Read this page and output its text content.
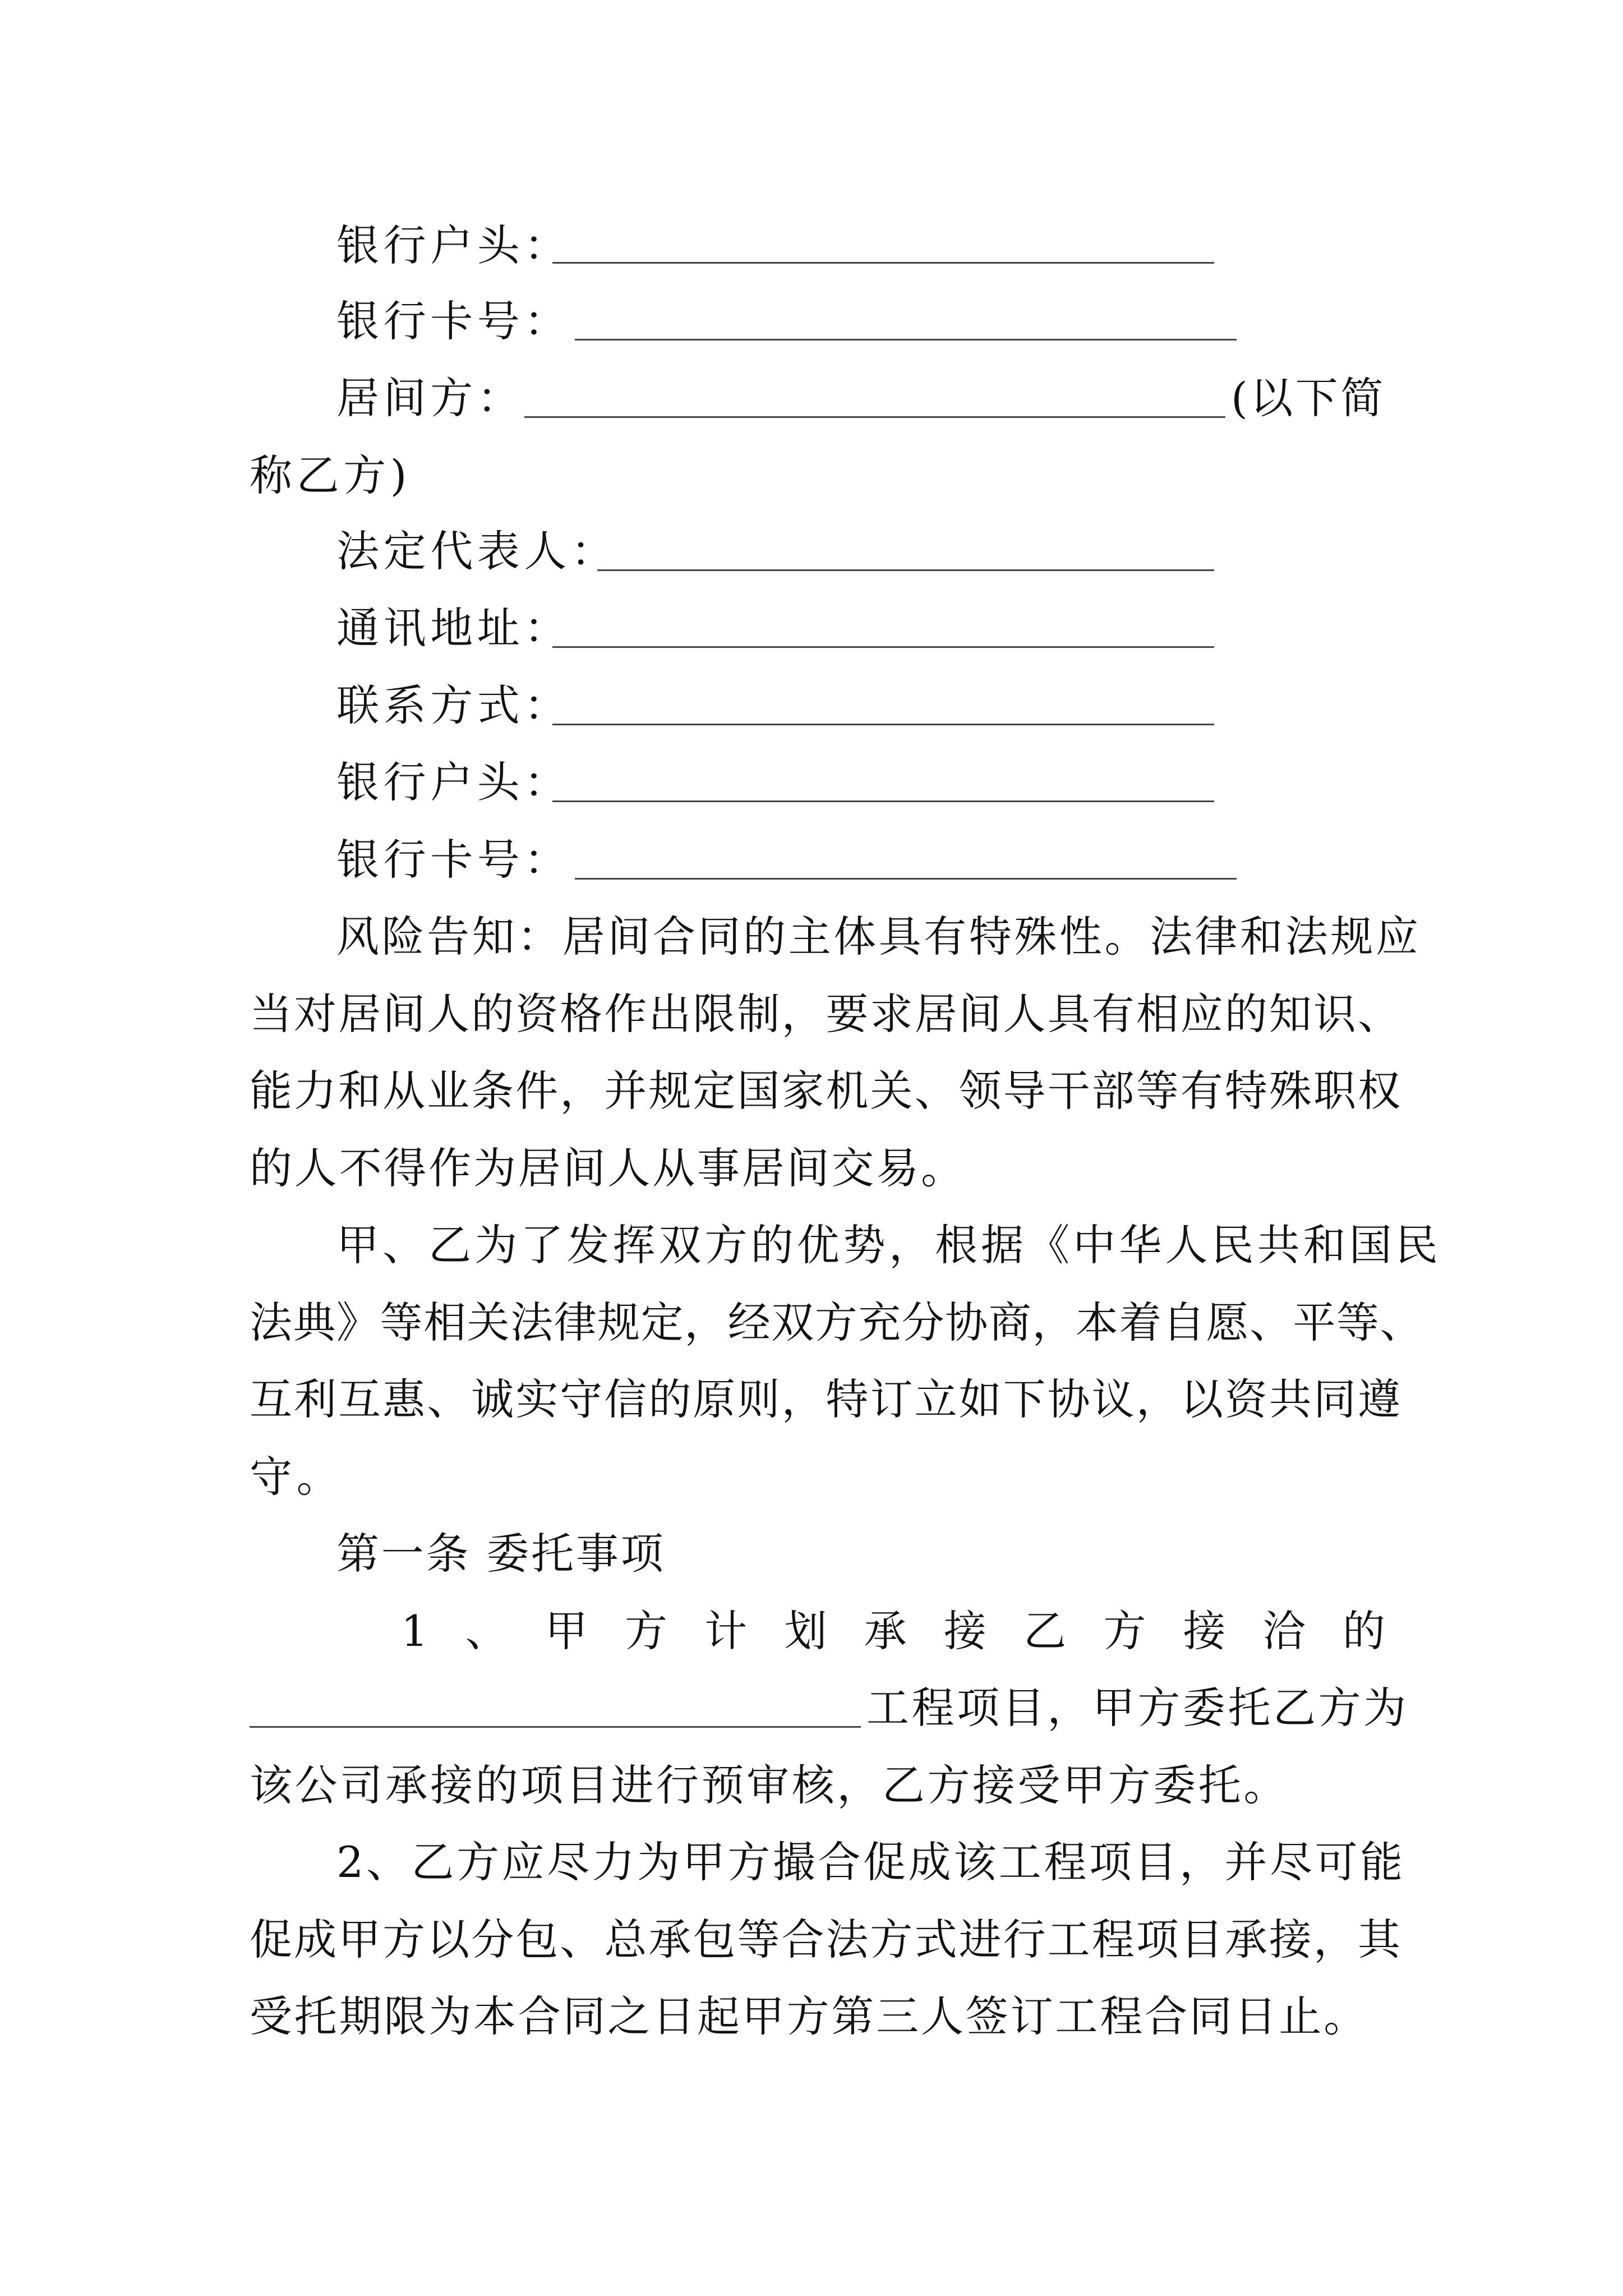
银行户头：
银行卡号：
居间方：	(以下简
称乙方)
法定代表人：
通讯地址：
联系方式：
银行户头：
银行卡号：
风险告知：居间合同的主体具有特殊性。法律和法规应
当对居间人的资格作出限制，要求居间人具有相应的知识、
能力和从业条件，并规定国家机关、领导干部等有特殊职权
的人不得作为居间人从事居间交易。
甲、乙为了发挥双方的优势，根据《中华人民共和国民
法典》等相关法律规定，经双方充分协商，本着自愿、平等、
互利互惠、诚实守信的原则，特订立如下协议，以资共同遵
守。
第一条 委托事项
1 、 甲 方 计 划 承 接 乙 方 接 洽 的
工程项目，甲方委托乙方为
该公司承接的项目进行预审核，乙方接受甲方委托。
2、乙方应尽力为甲方撮合促成该工程项目，并尽可能
促成甲方以分包、总承包等合法方式进行工程项目承接，其
受托期限为本合同之日起甲方第三人签订工程合同日止。
